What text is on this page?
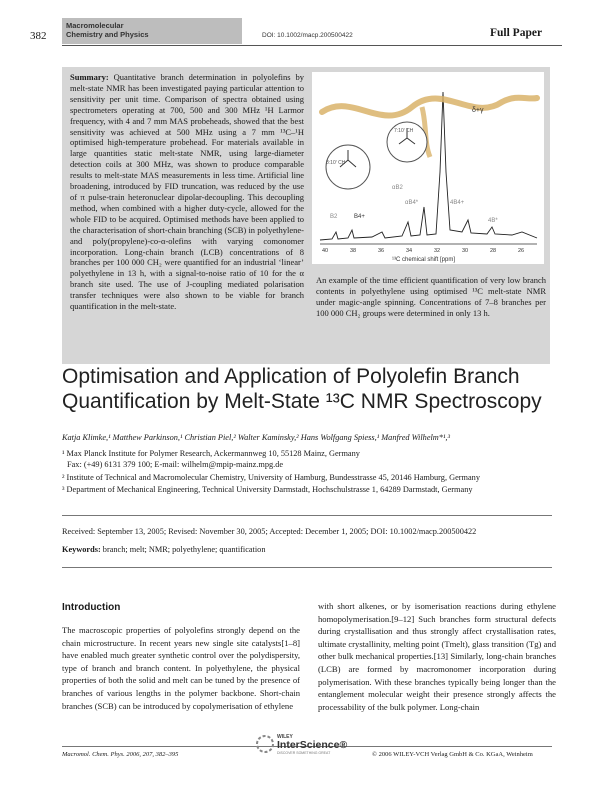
382
Macromolecular
Chemistry and Physics	DOI: 10.1002/macp.200500422	Full Paper
Summary: Quantitative branch determination in polyolefins by melt-state NMR has been investigated paying particular attention to sensitivity per unit time. Comparison of spectra obtained using spectrometers operating at 700, 500 and 300 MHz ¹H Larmor frequency, with 4 and 7 mm MAS probeheads, showed that the best sensitivity was achieved at 500 MHz using a 7 mm ¹³C–¹H optimised high-temperature probehead. For materials available in large quantities static melt-state NMR, using large-diameter detection coils at 300 MHz, was shown to produce comparable results to melt-state MAS measurements in less time. Artificial line broadening, introduced by FID truncation, was reduced by the use of π pulse-train heteronuclear dipolar-decoupling. This decoupling method, when combined with a higher duty-cycle, allowed for the whole FID to be acquired. Optimised methods have been applied to the characterisation of short-chain branching (SCB) in polyethylene- and poly(propylene)-co-α-olefins with varying comonomer incorporation. Long-chain branch (LCB) concentrations of 8 branches per 100 000 CH₂ were quantified for an industrial ‘linear’ polyethylene in 13 h, with a signal-to-noise ratio of 10 for the α branch site used. The use of J-coupling mediated polarisation transfer techniques were also shown to be viable for branch quantification in the melt-state.
8:10ʹ CH
7:10ʹ CH
δ+γ
αB4*
αB2
B2	B4+
4B4+
4B*
40	38	36	34	32	30	28	26
¹³C chemical shift [ppm]
An example of the time efficient quantification of very low branch contents in polyethylene using optimised ¹³C melt-state NMR under magic-angle spinning. Concentrations of 7–8 branches per 100 000 CH₂ groups were determined in only 13 h.
Optimisation and Application of Polyolefin Branch Quantification by Melt-State ¹³C NMR Spectroscopy
Katja Klimke,¹ Matthew Parkinson,¹ Christian Piel,² Walter Kaminsky,² Hans Wolfgang Spiess,¹ Manfred Wilhelm*¹,³
¹ Max Planck Institute for Polymer Research, Ackermannweg 10, 55128 Mainz, Germany
Fax: (+49) 6131 379 100; E-mail: wilhelm@mpip-mainz.mpg.de
² Institute of Technical and Macromolecular Chemistry, University of Hamburg, Bundesstrasse 45, 20146 Hamburg, Germany
³ Department of Mechanical Engineering, Technical University Darmstadt, Hochschulstrasse 1, 64289 Darmstadt, Germany
Received: September 13, 2005; Revised: November 30, 2005; Accepted: December 1, 2005; DOI: 10.1002/macp.200500422
Keywords: branch; melt; NMR; polyethylene; quantification
Introduction
The macroscopic properties of polyolefins strongly depend on the chain microstructure. In recent years new single site catalysts[1–8] have enabled much greater synthetic control over the polydispersity, type of branch and branch content. In polyethylene, the physical properties of both the solid and melt can be tuned by the presence of branches of various lengths in the polymer backbone. Short-chain branches (SCB) can be introduced by copolymerisation of ethylene
with short alkenes, or by isomerisation reactions during ethylene homopolymerisation.[9–12] Such branches form structural defects during crystallisation and thus strongly affect crystallisation rates, ultimate crystallinity, melting point (Tmelt), glass transition (Tg) and other bulk mechanical properties.[13] Similarly, long-chain branches (LCB) are formed by macromonomer incorporation during polymerisation. With these branches typically being longer than the entanglement molecular weight their presence strongly affects the processability of the bulk polymer. Long-chain
Macromol. Chem. Phys. 2006, 207, 382–395
WILEY
InterScience®
DISCOVER SOMETHING GREAT	© 2006 WILEY-VCH Verlag GmbH & Co. KGaA, Weinheim
